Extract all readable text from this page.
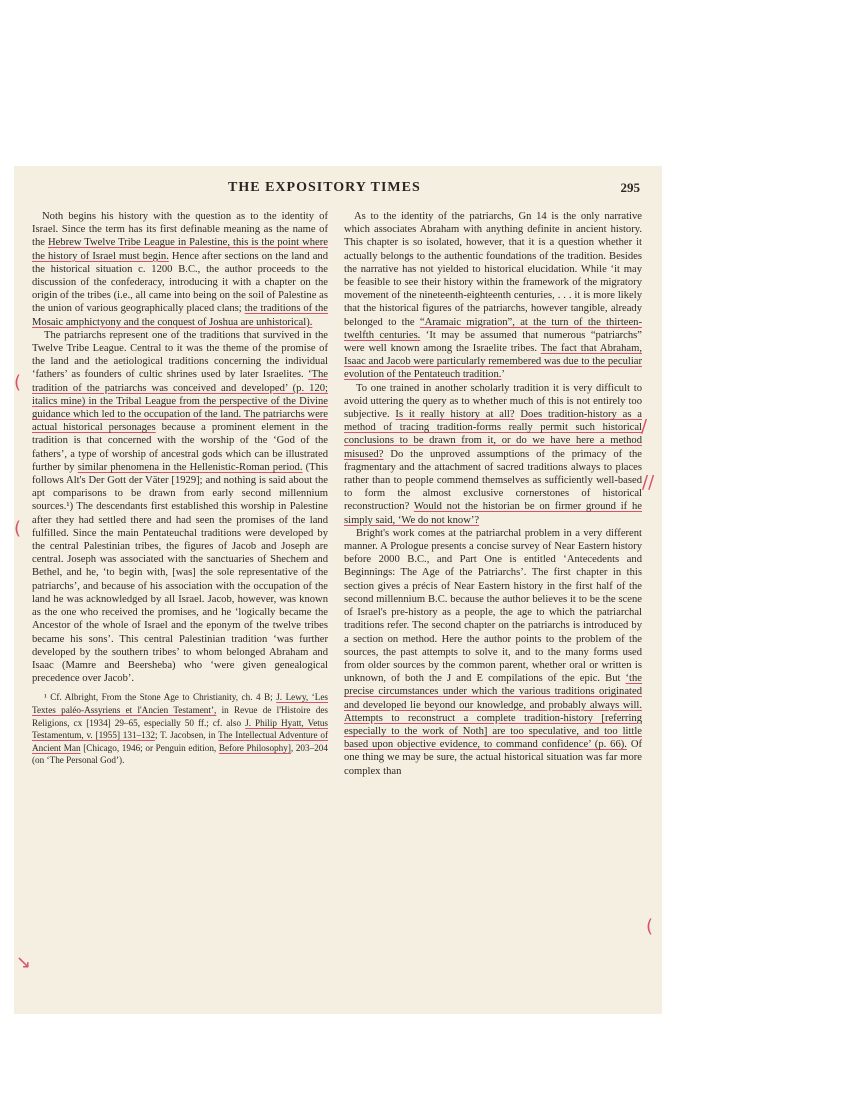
THE EXPOSITORY TIMES	295

Noth begins his history with the question as to the identity of Israel. Since the term has its first definable meaning as the name of the Hebrew Twelve Tribe League in Palestine, this is the point where the history of Israel must begin. Hence after sections on the land and the historical situation c. 1200 B.C., the author proceeds to the discussion of the confederacy, introducing it with a chapter on the origin of the tribes (i.e., all came into being on the soil of Palestine as the union of various geographically placed clans; the traditions of the Mosaic amphictyony and the conquest of Joshua are unhistorical).

The patriarchs represent one of the traditions that survived in the Twelve Tribe League. Central to it was the theme of the promise of the land and the aetiological traditions concerning the individual ‘fathers’ as founders of cultic shrines used by later Israelites. ‘The tradition of the patriarchs was conceived and developed’ (p. 120; italics mine) in the Tribal League from the perspective of the Divine guidance which led to the occupation of the land. The patriarchs were actual historical personages because a prominent element in the tradition is that concerned with the worship of the ‘God of the fathers’, a type of worship of ancestral gods which can be illustrated further by similar phenomena in the Hellenistic-Roman period. (This follows Alt's Der Gott der Väter [1929]; and nothing is said about the apt comparisons to be drawn from early second millennium sources.¹) The descendants first established this worship in Palestine after they had settled there and had seen the promises of the land fulfilled. Since the main Pentateuchal traditions were developed by the central Palestinian tribes, the figures of Jacob and Joseph are central. Joseph was associated with the sanctuaries of Shechem and Bethel, and he, ‘to begin with, [was] the sole representative of the patriarchs’, and because of his association with the occupation of the land he was acknowledged by all Israel. Jacob, however, was known as the one who received the promises, and he ‘logically became the Ancestor of the whole of Israel and the eponym of the twelve tribes became his sons’. This central Palestinian tradition ‘was further developed by the southern tribes’ to whom belonged Abraham and Isaac (Mamre and Beersheba) who ‘were given genealogical precedence over Jacob’.

¹ Cf. Albright, From the Stone Age to Christianity, ch. 4 B; J. Lewy, ‘Les Textes paléo-Assyriens et l'Ancien Testament’, in Revue de l'Histoire des Religions, cx [1934] 29–65, especially 50 ff.; cf. also J. Philip Hyatt, Vetus Testamentum, v. [1955] 131–132; T. Jacobsen, in The Intellectual Adventure of Ancient Man [Chicago, 1946; or Penguin edition, Before Philosophy], 203–204 (on ‘The Personal God’).

As to the identity of the patriarchs, Gn 14 is the only narrative which associates Abraham with anything definite in ancient history. This chapter is so isolated, however, that it is a question whether it actually belongs to the authentic foundations of the tradition. Besides the narrative has not yielded to historical elucidation. While ‘it may be feasible to see their history within the framework of the migratory movement of the nineteenth-eighteenth centuries, . . . it is more likely that the historical figures of the patriarchs, however tangible, already belonged to the “Aramaic migration”, at the turn of the thirteen-twelfth centuries. ‘It may be assumed that numerous “patriarchs” were well known among the Israelite tribes. The fact that Abraham, Isaac and Jacob were particularly remembered was due to the peculiar evolution of the Pentateuch tradition.’

To one trained in another scholarly tradition it is very difficult to avoid uttering the query as to whether much of this is not entirely too subjective. Is it really history at all? Does tradition-history as a method of tracing tradition-forms really permit such historical conclusions to be drawn from it, or do we have here a method misused? Do the unproved assumptions of the primacy of the fragmentary and the attachment of sacred traditions always to places rather than to people commend themselves as sufficiently well-based to form the almost exclusive cornerstones of historical reconstruction? Would not the historian be on firmer ground if he simply said, ‘We do not know’?

Bright's work comes at the patriarchal problem in a very different manner. A Prologue presents a concise survey of Near Eastern history before 2000 B.C., and Part One is entitled ‘Antecedents and Beginnings: The Age of the Patriarchs’. The first chapter in this section gives a précis of Near Eastern history in the first half of the second millennium B.C. because the author believes it to be the scene of Israel's pre-history as a people, the age to which the patriarchal traditions refer. The second chapter on the patriarchs is introduced by a section on method. Here the author points to the problem of the sources, the past attempts to solve it, and to the many forms used from older sources by the common parent, whether oral or written is unknown, of both the J and E compilations of the epic. But ‘the precise circumstances under which the various traditions originated and developed lie beyond our knowledge, and probably always will. Attempts to reconstruct a complete tradition-history [referring especially to the work of Noth] are too speculative, and too little based upon objective evidence, to command confidence’ (p. 66). Of one thing we may be sure, the actual historical situation was far more complex than

(
(
/
//
(
↘
